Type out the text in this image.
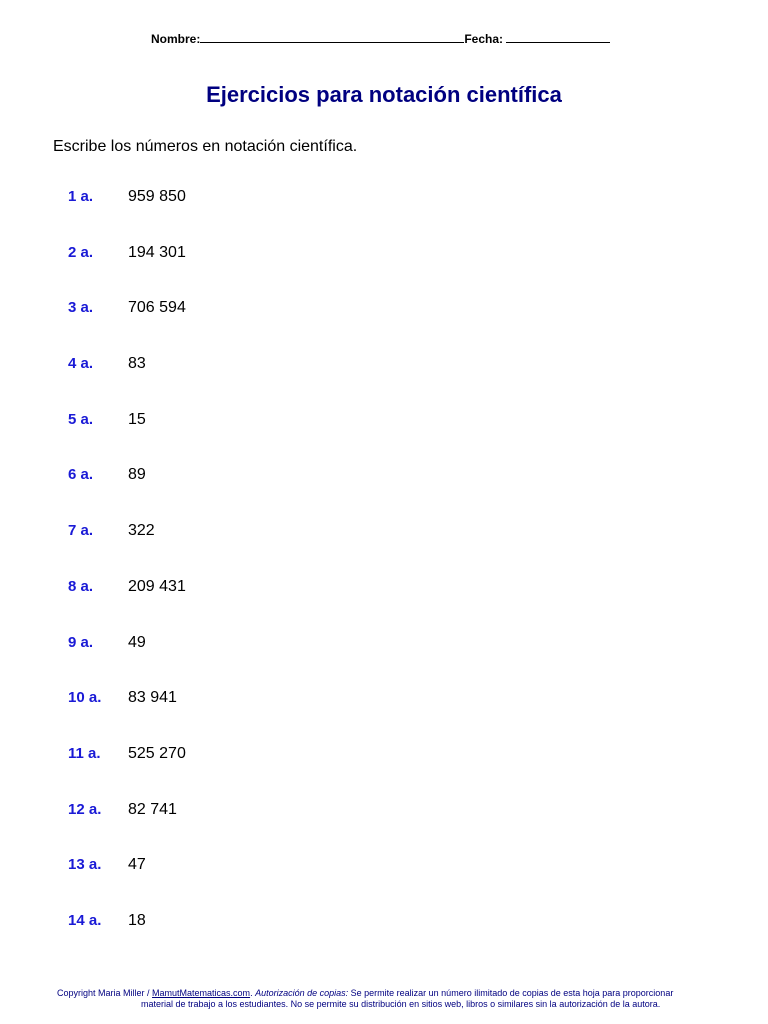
Nombre:	Fecha:
Ejercicios para notación científica
Escribe los números en notación científica.
1 a. 959 850
2 a. 194 301
3 a. 706 594
4 a. 83
5 a. 15
6 a. 89
7 a. 322
8 a. 209 431
9 a. 49
10 a. 83 941
11 a. 525 270
12 a. 82 741
13 a. 47
14 a. 18
Copyright Maria Miller / MamutMatematicas.com. Autorización de copias: Se permite realizar un número ilimitado de copias de esta hoja para proporcionar
material de trabajo a los estudiantes. No se permite su distribución en sitios web, libros o similares sin la autorización de la autora.
